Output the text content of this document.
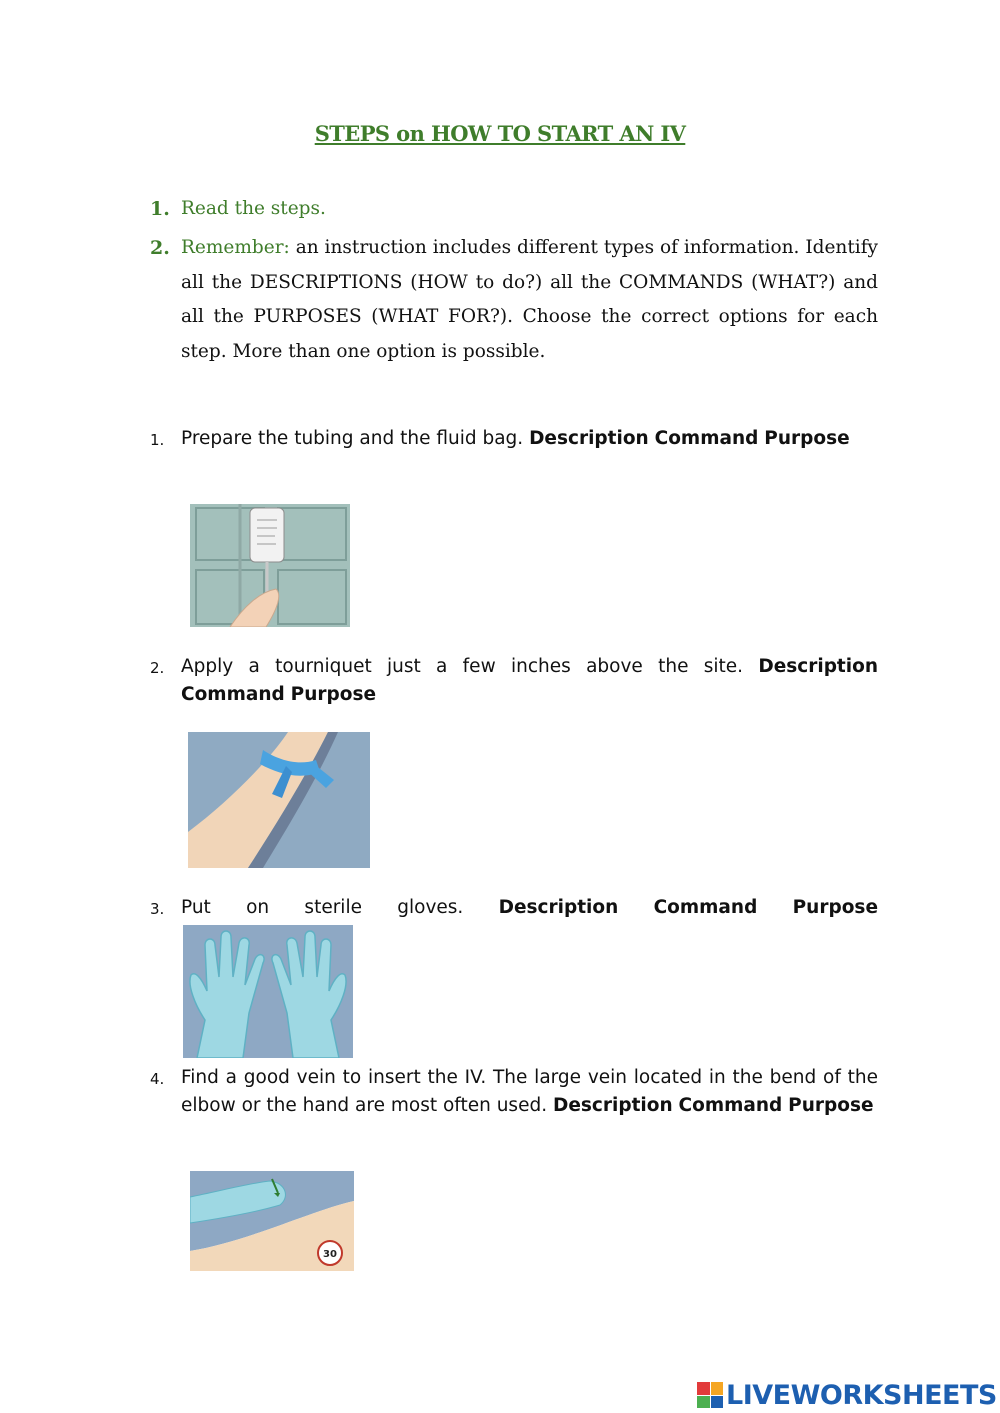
STEPS on HOW TO START AN IV
1. Read the steps.
2. Remember: an instruction includes different types of information. Identify all the DESCRIPTIONS (HOW to do?) all the COMMANDS (WHAT?) and all the PURPOSES (WHAT FOR?). Choose the correct options for each step. More than one option is possible.
1. Prepare the tubing and the fluid bag. Description Command Purpose
2. Apply a tourniquet just a few inches above the site. Description Command Purpose
3. Put on sterile gloves. Description Command Purpose
4. Find a good vein to insert the IV. The large vein located in the bend of the elbow or the hand are most often used. Description Command Purpose
30
LIVEWORKSHEETS
